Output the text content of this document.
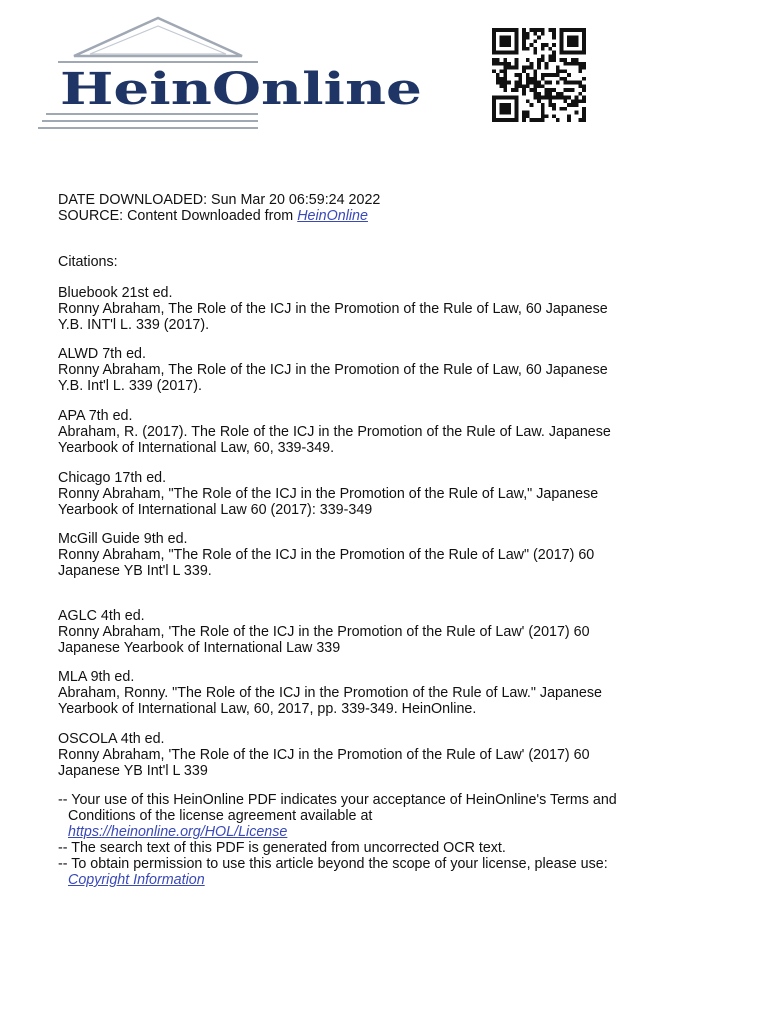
HeinOnline
DATE DOWNLOADED: Sun Mar 20 06:59:24 2022
SOURCE: Content Downloaded from HeinOnline
Citations:
Bluebook 21st ed.
Ronny Abraham, The Role of the ICJ in the Promotion of the Rule of Law, 60 Japanese
Y.B. INT'l L. 339 (2017).
ALWD 7th ed.
Ronny Abraham, The Role of the ICJ in the Promotion of the Rule of Law, 60 Japanese
Y.B. Int'l L. 339 (2017).
APA 7th ed.
Abraham, R. (2017). The Role of the ICJ in the Promotion of the Rule of Law. Japanese
Yearbook of International Law, 60, 339-349.
Chicago 17th ed.
Ronny Abraham, "The Role of the ICJ in the Promotion of the Rule of Law," Japanese
Yearbook of International Law 60 (2017): 339-349
McGill Guide 9th ed.
Ronny Abraham, "The Role of the ICJ in the Promotion of the Rule of Law" (2017) 60
Japanese YB Int'l L 339.
AGLC 4th ed.
Ronny Abraham, 'The Role of the ICJ in the Promotion of the Rule of Law' (2017) 60
Japanese Yearbook of International Law 339
MLA 9th ed.
Abraham, Ronny. "The Role of the ICJ in the Promotion of the Rule of Law." Japanese
Yearbook of International Law, 60, 2017, pp. 339-349. HeinOnline.
OSCOLA 4th ed.
Ronny Abraham, 'The Role of the ICJ in the Promotion of the Rule of Law' (2017) 60
Japanese YB Int'l L 339
-- Your use of this HeinOnline PDF indicates your acceptance of HeinOnline's Terms and
Conditions of the license agreement available at
https://heinonline.org/HOL/License
-- The search text of this PDF is generated from uncorrected OCR text.
-- To obtain permission to use this article beyond the scope of your license, please use:
Copyright Information
